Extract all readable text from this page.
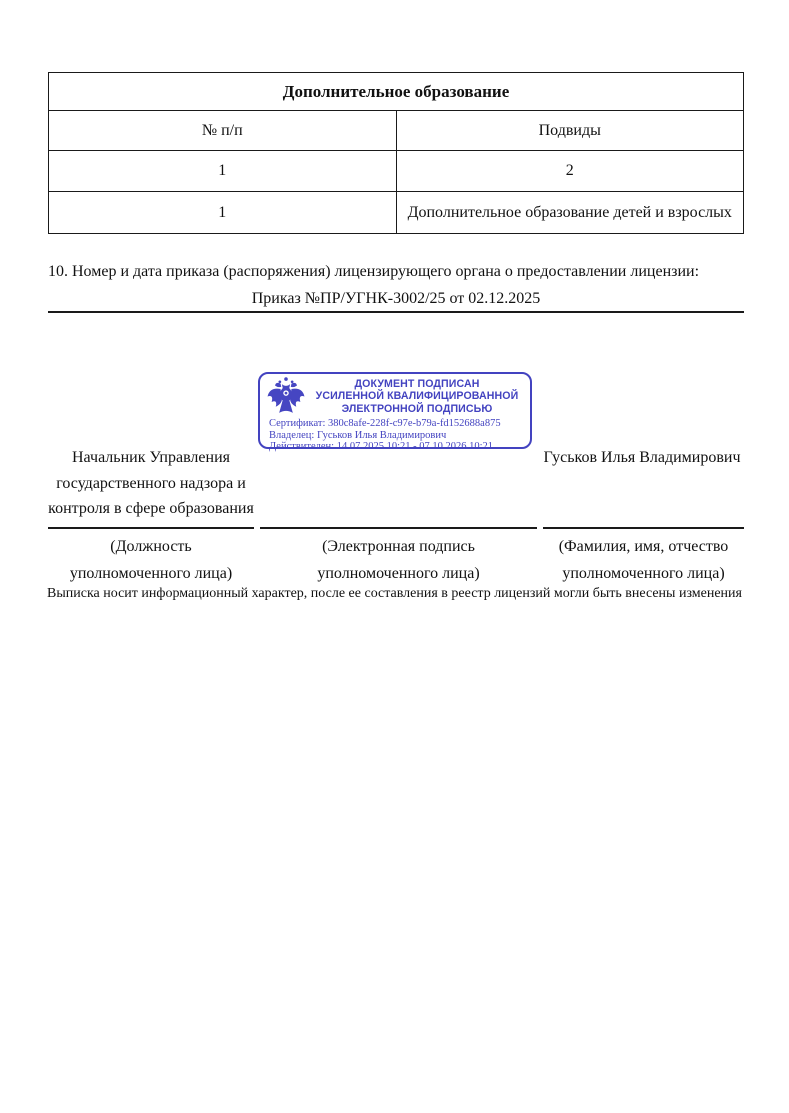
Дополнительное образование	
№ п/п	Подвиды
1	2
1	Дополнительное образование детей и взрослых
10. Номер и дата приказа (распоряжения) лицензирующего органа о предоставлении лицензии:
Приказ №ПР/УГНК-3002/25 от 02.12.2025
ДОКУМЕНТ ПОДПИСАН
УСИЛЕННОЙ КВАЛИФИЦИРОВАННОЙ
ЭЛЕКТРОННОЙ ПОДПИСЬЮ
Сертификат: 380c8afe-228f-c97e-b79a-fd152688a875
Владелец: Гуськов Илья Владимирович
Действителен: 14.07.2025 10:21 - 07.10.2026 10:21
Начальник Управления государственного надзора и контроля в сфере образования
Гуськов Илья Владимирович
(Должность уполномоченного лица)
(Электронная подпись уполномоченного лица)
(Фамилия, имя, отчество уполномоченного лица)
Выписка носит информационный характер, после ее составления в реестр лицензий могли быть внесены изменения
